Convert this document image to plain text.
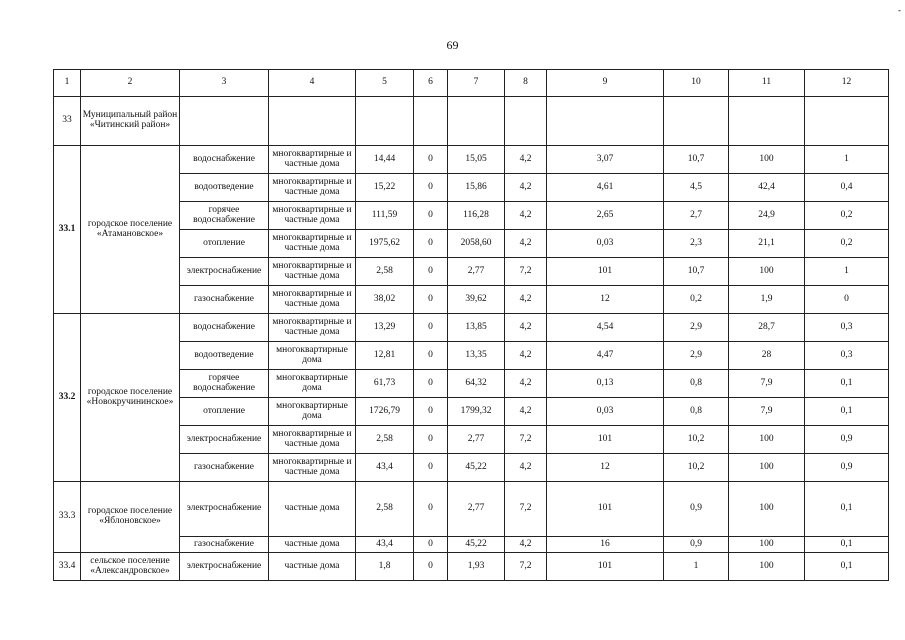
-
69
1	2	3	4	5	6	7	8	9	10	11	12
33	Муниципальный район «Читинский район»										
33.1	городское поселение «Атамановское»	водоснабжение	многоквартирные и частные дома	14,44	0	15,05	4,2	3,07	10,7	100	1
		водоотведение	многоквартирные и частные дома	15,22	0	15,86	4,2	4,61	4,5	42,4	0,4
		горячее водоснабжение	многоквартирные и частные дома	111,59	0	116,28	4,2	2,65	2,7	24,9	0,2
		отопление	многоквартирные и частные дома	1975,62	0	2058,60	4,2	0,03	2,3	21,1	0,2
		электроснабжение	многоквартирные и частные дома	2,58	0	2,77	7,2	101	10,7	100	1
		газоснабжение	многоквартирные и частные дома	38,02	0	39,62	4,2	12	0,2	1,9	0
33.2	городское поселение «Новокручининское»	водоснабжение	многоквартирные и частные дома	13,29	0	13,85	4,2	4,54	2,9	28,7	0,3
		водоотведение	многоквартирные дома	12,81	0	13,35	4,2	4,47	2,9	28	0,3
		горячее водоснабжение	многоквартирные дома	61,73	0	64,32	4,2	0,13	0,8	7,9	0,1
		отопление	многоквартирные дома	1726,79	0	1799,32	4,2	0,03	0,8	7,9	0,1
		электроснабжение	многоквартирные и частные дома	2,58	0	2,77	7,2	101	10,2	100	0,9
		газоснабжение	многоквартирные и частные дома	43,4	0	45,22	4,2	12	10,2	100	0,9
33.3	городское поселение «Яблоновское»	электроснабжение	частные дома	2,58	0	2,77	7,2	101	0,9	100	0,1
		газоснабжение	частные дома	43,4	0	45,22	4,2	16	0,9	100	0,1
33.4	сельское поселение «Александровское»	электроснабжение	частные дома	1,8	0	1,93	7,2	101	1	100	0,1
